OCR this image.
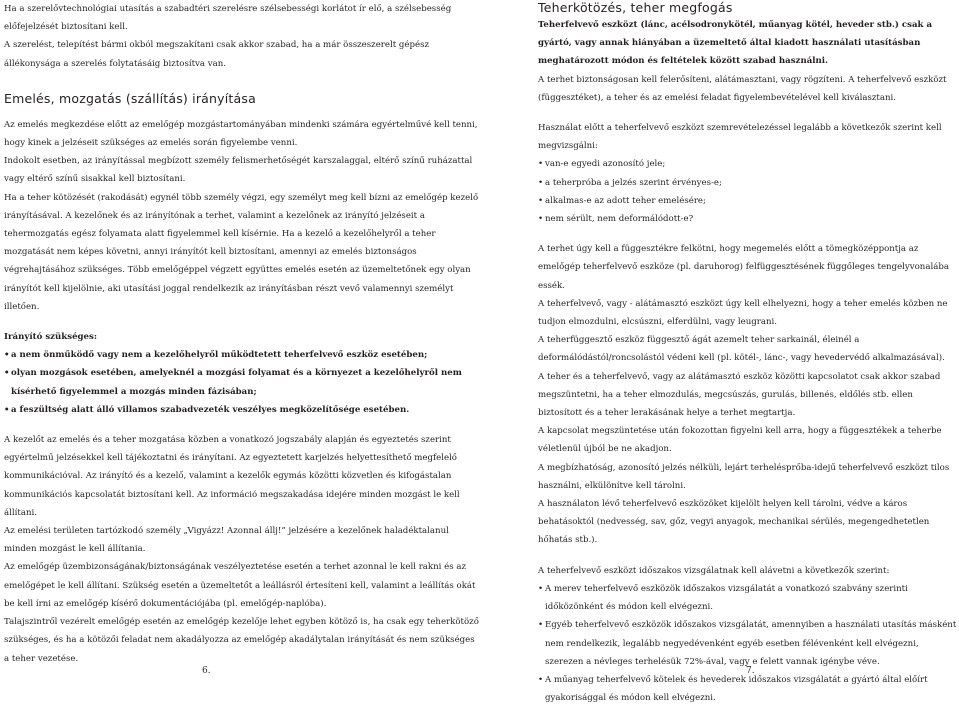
Ha a szerelővtechnológiai utasítás a szabadtéri szerelésre szélsebességi korlátot ír elő, a szélsebesség előfejelzését biztosítani kell.

A szerelést, telepítést bármi okból megszakítani csak akkor szabad, ha a már összeszerelt gépész állékonysága a szerelés folytatásáig biztosítva van.

Emelés, mozgatás (szállítás) irányítása

Az emelés megkezdése előtt az emelőgép mozgástartományában mindenki számára egyértelművé kell tenni, hogy kinek a jelzéseit szükséges az emelés során figyelembe venni.

Indokolt esetben, az irányítással megbízott személy felismerhetőségét karszalaggal, eltérő színű ruházattal vagy eltérő színű sisakkal kell biztosítani.

Ha a teher kötözését (rakodását) egynél több személy végzi, egy személyt meg kell bízni az emelőgép kezelő irányításával. A kezelőnek és az irányítónak a terhet, valamint a kezelőnek az irányító jelzéseit a tehermozgatás egész folyamata alatt figyelemmel kell kísérnie. Ha a kezelő a kezelőhelyről a teher mozgatását nem képes követni, annyi irányítót kell biztosítani, amennyi az emelés biztonságos végrehajtásához szükséges. Több emelőgéppel végzett együttes emelés esetén az üzemeltetőnek egy olyan irányítót kell kijelölnie, aki utasítási joggal rendelkezik az irányításban részt vevő valamennyi személyt illetően.

Irányító szükséges:

• a nem önműködő vagy nem a kezelőhelyről működtetett teherfelvevő eszköz esetében;
• olyan mozgások esetében, amelyeknél a mozgási folyamat és a környezet a kezelőhelyről nem kísérhető figyelemmel a mozgás minden fázisában;
• a feszültség alatt álló villamos szabadvezeték veszélyes megközelítősége esetében.

A kezelőt az emelés és a teher mozgatása közben a vonatkozó jogszabály alapján és egyeztetés szerint egyértelmű jelzésekkel kell tájékoztatni és irányítani. Az egyeztetett karjelzés helyettesíthető megfelelő kommunikációval. Az irányító és a kezelő, valamint a kezelők egymás közötti közvetlen és kifogástalan kommunikációs kapcsolatát biztosítani kell. Az információ megszakadása idejére minden mozgást le kell állítani.

Az emelési területen tartózkodó személy „Vigyázz! Azonnal állj!” jelzésére a kezelőnek haladéktalanul minden mozgást le kell állítania.

Az emelőgép üzembizonságának/biztonságának veszélyeztetése esetén a terhet azonnal le kell rakni és az emelőgépet le kell állítani. Szükség esetén a üzemeltetőt a leállásról értesíteni kell, valamint a leállítás okát be kell írni az emelőgép kísérő dokumentációjába (pl. emelőgép-naplóba).

Talajszintről vezérelt emelőgép esetén az emelőgép kezelője lehet egyben kötöző is, ha csak egy teherkötöző szükséges, és ha a kötözői feladat nem akadályozza az emelőgép akadálytalan irányítását és nem szükséges a teher vezetése.

6.
Teherkötözés, teher megfogás

Teherfelvevő eszközt (lánc, acélsodronykötél, műanyag kötél, heveder stb.) csak a gyártó, vagy annak hiányában a üzemeltető által kiadott használati utasításban meghatározott módon és feltételek között szabad használni.

A terhet biztonságosan kell felerősíteni, alátámasztani, vagy rögzíteni. A teherfelvevő eszközt (függesztéket), a teher és az emelési feladat figyelembevételével kell kiválasztani.

Használat előtt a teherfelvevő eszközt szemrevételezéssel legalább a következők szerint kell megvizsgálni:

• van-e egyedi azonosító jele;
• a teherpróba a jelzés szerint érvényes-e;
• alkalmas-e az adott teher emelésére;
• nem sérült, nem deformálódott-e?

A terhet úgy kell a függesztékre felkötni, hogy megemelés előtt a tömegközéppontja az emelőgép teherfelvevő eszköze (pl. daruhorog) felfüggesztésének függőleges tengelyvonalába essék.

A teherfelvevő, vagy - alátámasztó eszközt úgy kell elhelyezni, hogy a teher emelés közben ne tudjon elmozdulni, elcsúszni, elferdülni, vagy leugrani.

A teherfüggesztő eszköz függesztő ágát azemelt teher sarkainál, éleinél a deformálódástól/roncsolástól védeni kell (pl. kötél-, lánc-, vagy hevedervédő alkalmazásával).

A teher és a teherfelvevő, vagy az alátámasztó eszköz közötti kapcsolatot csak akkor szabad megszüntetni, ha a teher elmozdulás, megcsúszás, gurulás, billenés, eldőlés stb. ellen biztosított és a teher lerakásának helye a terhet megtartja.

A kapcsolat megszüntetése után fokozottan figyelni kell arra, hogy a függesztékek a teherbe véletlenül újból be ne akadjon.

A megbízhatóság, azonosító jelzés nélküli, lejárt terhelésprőba-idejű teherfelvevő eszközt tilos használni, elkülönítve kell tárolni.

A használaton lévő teherfelvevő eszközöket kijelölt helyen kell tárolni, védve a káros behatásoktól (nedvesség, sav, gőz, vegyi anyagok, mechanikai sérülés, megengedhetetlen hőhatás stb.).

A teherfelvevő eszközt időszakos vizsgálatnak kell alávetni a következők szerint:

• A merev teherfelvevő eszközök időszakos vizsgálatát a vonatkozó szabvány szerinti időközönként és módon kell elvégezni.
• Egyéb teherfelvevő eszközök időszakos vizsgálatát, amennyiben a használati utasítás másként nem rendelkezik, legalább negyedévenként egyéb esetben félévenként kell elvégezni, szerezen a névleges terhelésük 72%-ával, vagy e felett vannak igénybe véve.
• A műanyag teherfelvevő kötelek és hevederek időszakos vizsgálatát a gyártó által előírt gyakorisággal és módon kell elvégezni.
7.
